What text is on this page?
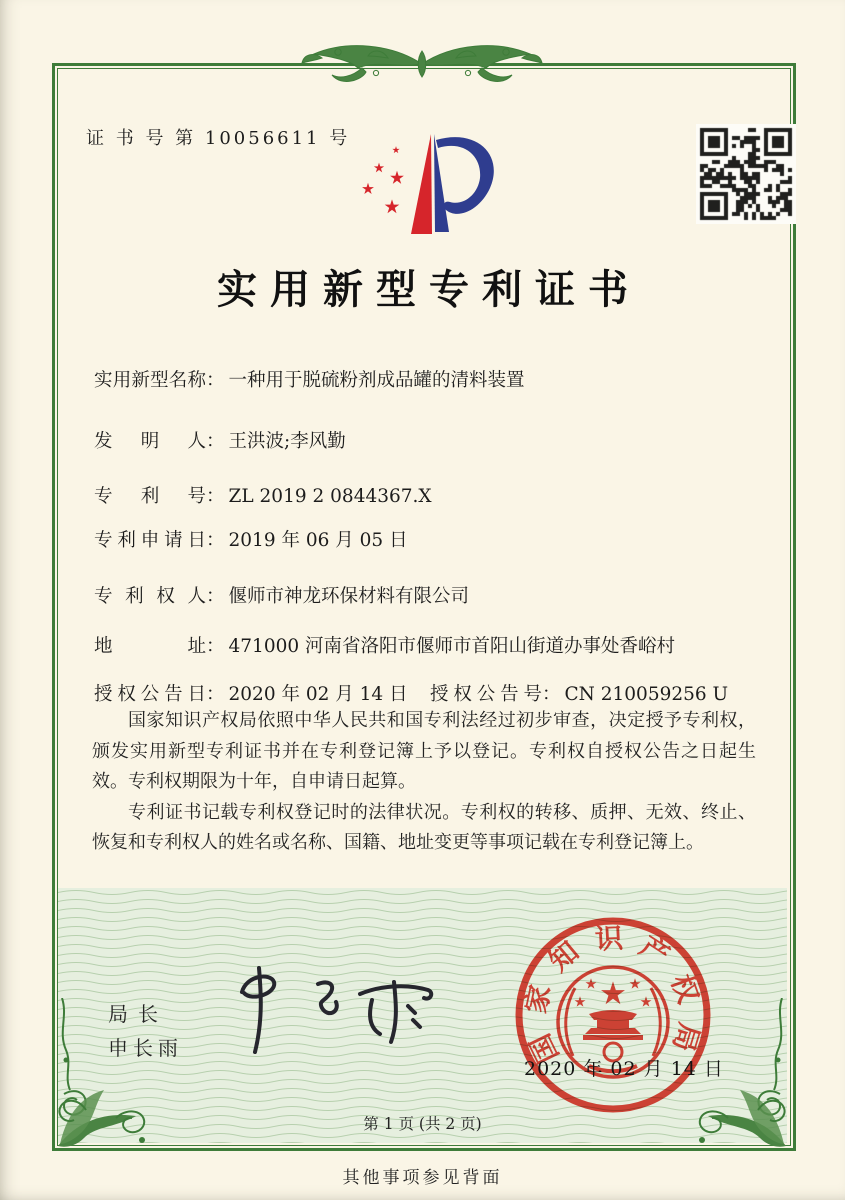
证 书 号 第 10056611 号
实用新型专利证书
实用新型名称 ： 一种用于脱硫粉剂成品罐的清料装置
发明人 ： 王洪波;李风勤
专利号 ： ZL 2019 2 0844367.X
专利申请日 ： 2019 年 06 月 05 日
专利权人 ： 偃师市神龙环保材料有限公司
地址 ： 471000 河南省洛阳市偃师市首阳山街道办事处香峪村
授权公告日 ： 2020 年 02 月 14 日 授权公告号 ： CN 210059256 U

国家知识产权局依照中华人民共和国专利法经过初步审查，决定授予专利权，颁发实用新型专利证书并在专利登记簿上予以登记。专利权自授权公告之日起生效。专利权期限为十年，自申请日起算。

专利证书记载专利权登记时的法律状况。专利权的转移、质押、无效、终止、恢复和专利权人的姓名或名称、国籍、地址变更等事项记载在专利登记簿上。

局长
申长雨	国
家
知 识 产
权
局
2020 年 02 月 14 日
第 1 页 (共 2 页)
其他事项参见背面
